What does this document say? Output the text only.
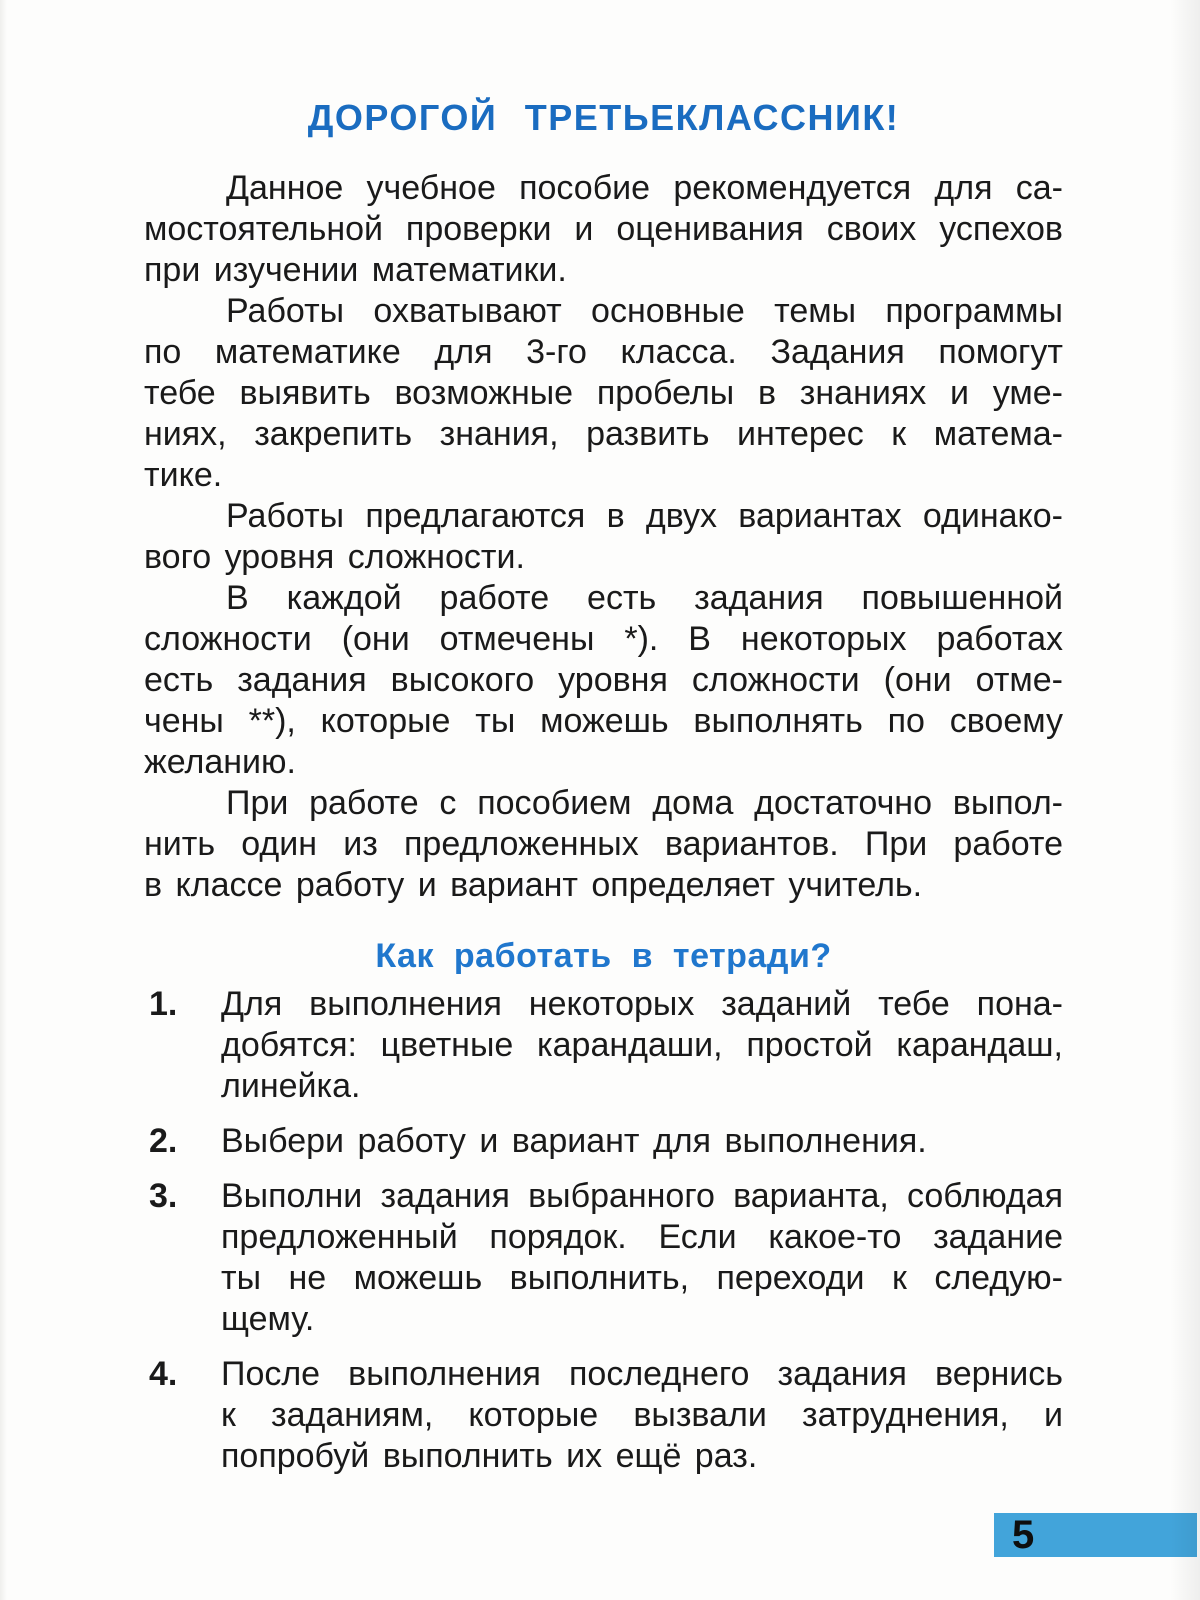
ДОРОГОЙ ТРЕТЬЕКЛАССНИК!
Данное учебное пособие рекомендуется для са-
мостоятельной проверки и оценивания своих успехов
при изучении математики.
Работы охватывают основные темы программы
по математике для 3-го класса. Задания помогут
тебе выявить возможные пробелы в знаниях и уме-
ниях, закрепить знания, развить интерес к матема-
тике.
Работы предлагаются в двух вариантах одинако-
вого уровня сложности.
В каждой работе есть задания повышенной
сложности (они отмечены *). В некоторых работах
есть задания высокого уровня сложности (они отме-
чены **), которые ты можешь выполнять по своему
желанию.
При работе с пособием дома достаточно выпол-
нить один из предложенных вариантов. При работе
в классе работу и вариант определяет учитель.
Как работать в тетради?
1. Для выполнения некоторых заданий тебе пона-
добятся: цветные карандаши, простой карандаш,
линейка.
2. Выбери работу и вариант для выполнения.
3. Выполни задания выбранного варианта, соблюдая
предложенный порядок. Если какое-то задание
ты не можешь выполнить, переходи к следую-
щему.
4. После выполнения последнего задания вернись
к заданиям, которые вызвали затруднения, и
попробуй выполнить их ещё раз.
5
